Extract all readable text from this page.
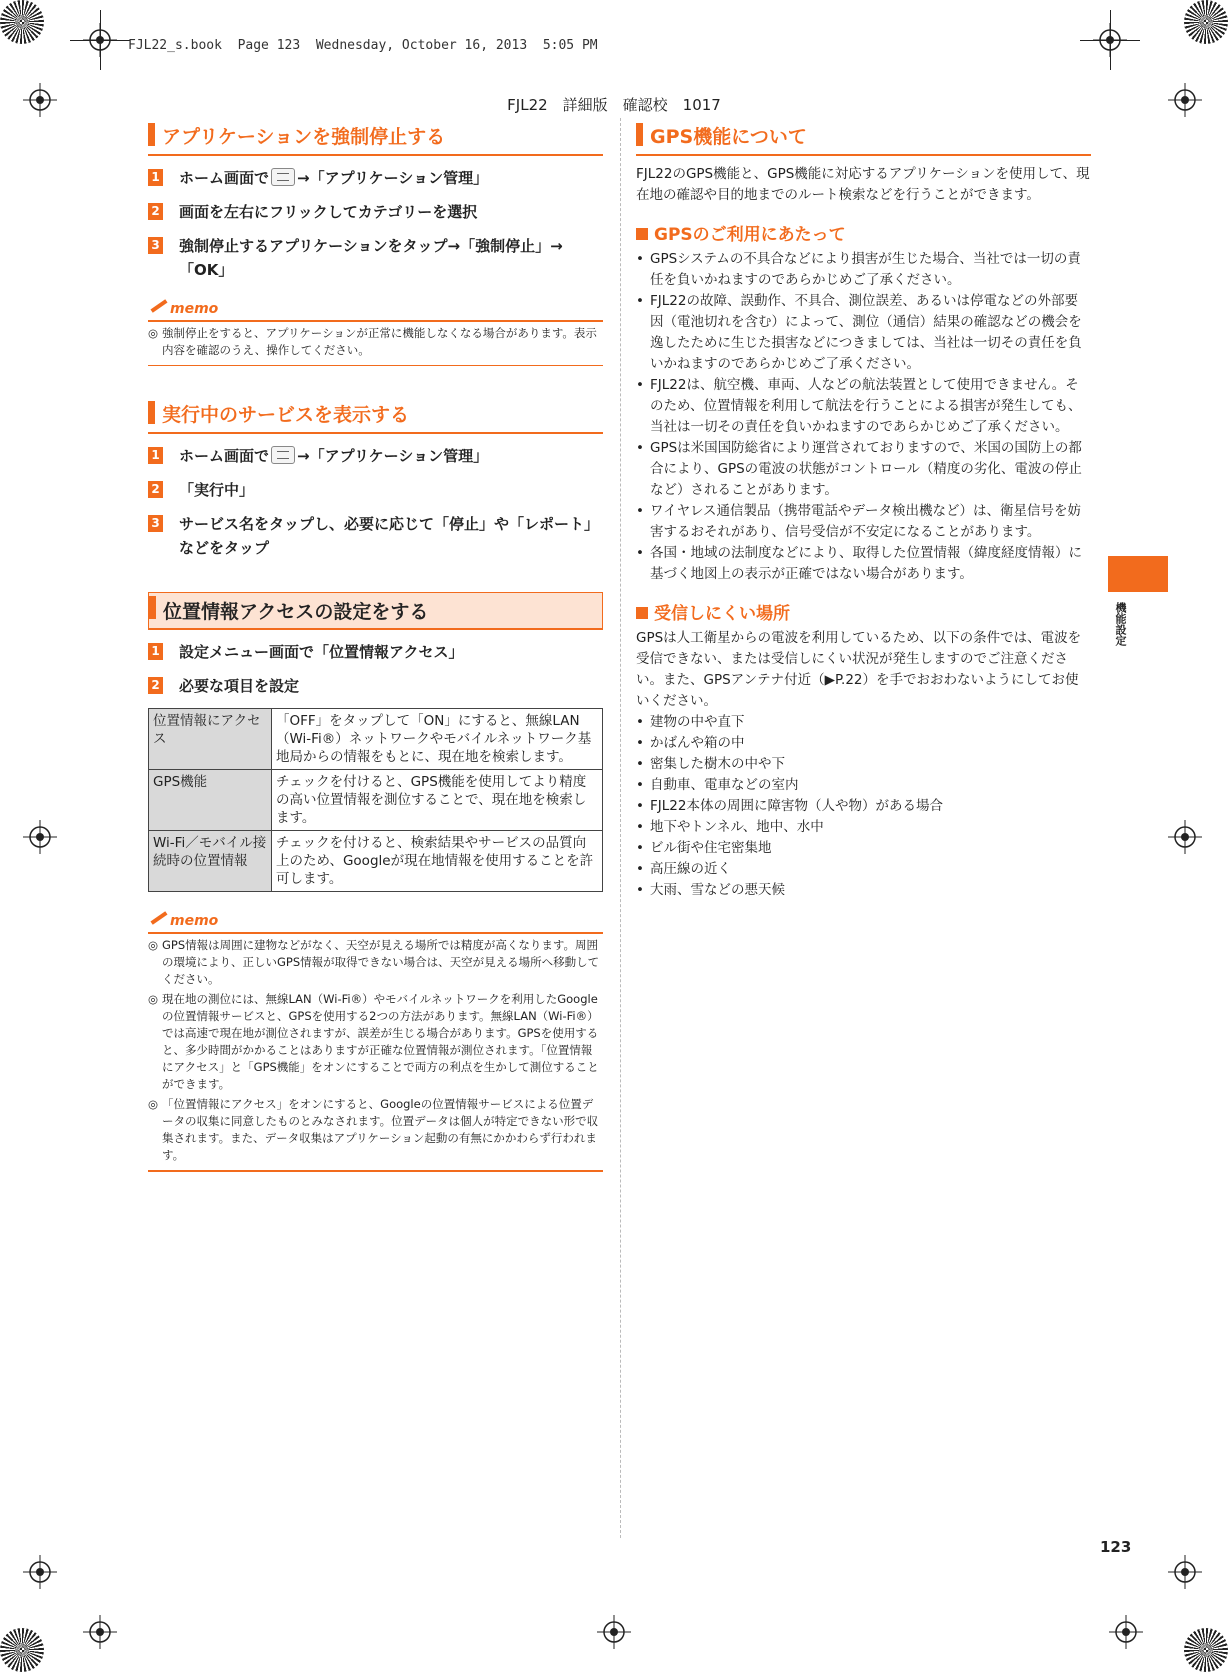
FJL22_s.book  Page 123  Wednesday, October 16, 2013  5:05 PM
FJL22　詳細版　確認校　1017
アプリケーションを強制停止する
1 ホーム画面で →「アプリケーション管理」
2 画面を左右にフリックしてカテゴリーを選択
3 強制停止するアプリケーションをタップ→「強制停止」→「OK」
memo
◎ 強制停止をすると、アプリケーションが正常に機能しなくなる場合があります。表示内容を確認のうえ、操作してください。
実行中のサービスを表示する
1 ホーム画面で →「アプリケーション管理」
2 「実行中」
3 サービス名をタップし、必要に応じて「停止」や「レポート」などをタップ
位置情報アクセスの設定をする
1 設定メニュー画面で「位置情報アクセス」
2 必要な項目を設定
位置情報にアクセス	「OFF」をタップして「ON」にすると、無線LAN（Wi-Fi®）ネットワークやモバイルネットワーク基地局からの情報をもとに、現在地を検索します。
GPS機能	チェックを付けると、GPS機能を使用してより精度の高い位置情報を測位することで、現在地を検索します。
Wi-Fi／モバイル接続時の位置情報	チェックを付けると、検索結果やサービスの品質向上のため、Googleが現在地情報を使用することを許可します。
memo
◎ GPS情報は周囲に建物などがなく、天空が見える場所では精度が高くなります。周囲の環境により、正しいGPS情報が取得できない場合は、天空が見える場所へ移動してください。
◎ 現在地の測位には、無線LAN（Wi-Fi®）やモバイルネットワークを利用したGoogleの位置情報サービスと、GPSを使用する2つの方法があります。無線LAN（Wi-Fi®）では高速で現在地が測位されますが、誤差が生じる場合があります。GPSを使用すると、多少時間がかかることはありますが正確な位置情報が測位されます。「位置情報にアクセス」と「GPS機能」をオンにすることで両方の利点を生かして測位することができます。
◎ 「位置情報にアクセス」をオンにすると、Googleの位置情報サービスによる位置データの収集に同意したものとみなされます。位置データは個人が特定できない形で収集されます。また、データ収集はアプリケーション起動の有無にかかわらず行われます。
GPS機能について

FJL22のGPS機能と、GPS機能に対応するアプリケーションを使用して、現在地の確認や目的地までのルート検索などを行うことができます。

GPSのご利用にあたって
• GPSシステムの不具合などにより損害が生じた場合、当社では一切の責任を負いかねますのであらかじめご了承ください。
• FJL22の故障、誤動作、不具合、測位誤差、あるいは停電などの外部要因（電池切れを含む）によって、測位（通信）結果の確認などの機会を逸したために生じた損害などにつきましては、当社は一切その責任を負いかねますのであらかじめご了承ください。
• FJL22は、航空機、車両、人などの航法装置として使用できません。そのため、位置情報を利用して航法を行うことによる損害が発生しても、当社は一切その責任を負いかねますのであらかじめご了承ください。
• GPSは米国国防総省により運営されておりますので、米国の国防上の都合により、GPSの電波の状態がコントロール（精度の劣化、電波の停止など）されることがあります。
• ワイヤレス通信製品（携帯電話やデータ検出機など）は、衛星信号を妨害するおそれがあり、信号受信が不安定になることがあります。
• 各国・地域の法制度などにより、取得した位置情報（緯度経度情報）に基づく地図上の表示が正確ではない場合があります。
受信しにくい場所

GPSは人工衛星からの電波を利用しているため、以下の条件では、電波を受信できない、または受信しにくい状況が発生しますのでご注意ください。また、GPSアンテナ付近（▶P.22）を手でおおわないようにしてお使いください。

• 建物の中や直下
• かばんや箱の中
• 密集した樹木の中や下
• 自動車、電車などの室内
• FJL22本体の周囲に障害物（人や物）がある場合
• 地下やトンネル、地中、水中
• ビル街や住宅密集地
• 高圧線の近く
• 大雨、雪などの悪天候
機能設定
123
